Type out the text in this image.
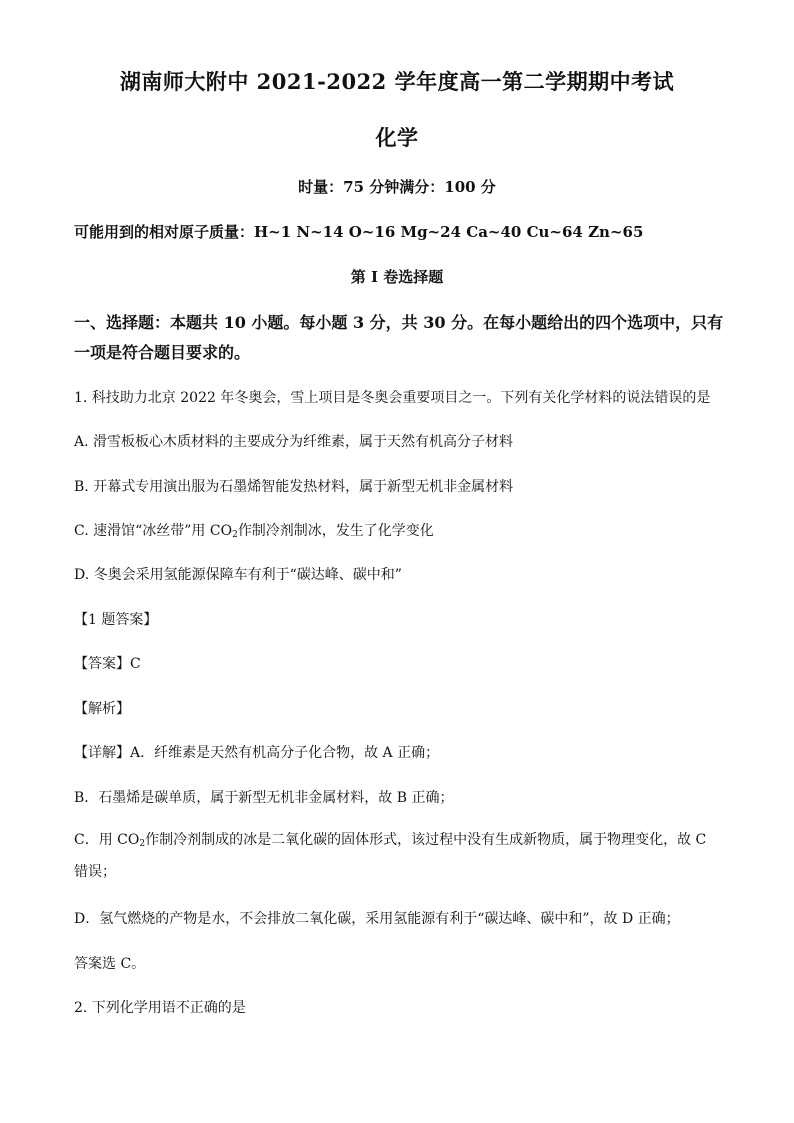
湖南师大附中 2021-2022 学年度高一第二学期期中考试
化学
时量：75 分钟满分：100 分
可能用到的相对原子质量：H~1 N~14 O~16 Mg~24 Ca~40 Cu~64 Zn~65
第 I 卷选择题
一、选择题：本题共 10 小题。每小题 3 分，共 30 分。在每小题给出的四个选项中，只有一项是符合题目要求的。
1. 科技助力北京 2022 年冬奥会，雪上项目是冬奥会重要项目之一。下列有关化学材料的说法错误的是
A. 滑雪板板心木质材料的主要成分为纤维素，属于天然有机高分子材料
B. 开幕式专用演出服为石墨烯智能发热材料，属于新型无机非金属材料
C. 速滑馆“冰丝带”用 $CO_2$作制冷剂制冰，发生了化学变化
D. 冬奥会采用氢能源保障车有利于“碳达峰、碳中和”
【1 题答案】
【答案】C
【解析】
【详解】A．纤维素是天然有机高分子化合物，故 A 正确；
B．石墨烯是碳单质，属于新型无机非金属材料，故 B 正确；
C．用 $CO_2$作制冷剂制成的冰是二氧化碳的固体形式，该过程中没有生成新物质，属于物理变化，故 C 错误；
D．氢气燃烧的产物是水，不会排放二氧化碳，采用氢能源有利于“碳达峰、碳中和”，故 D 正确；
答案选 C。
2. 下列化学用语不正确的是
